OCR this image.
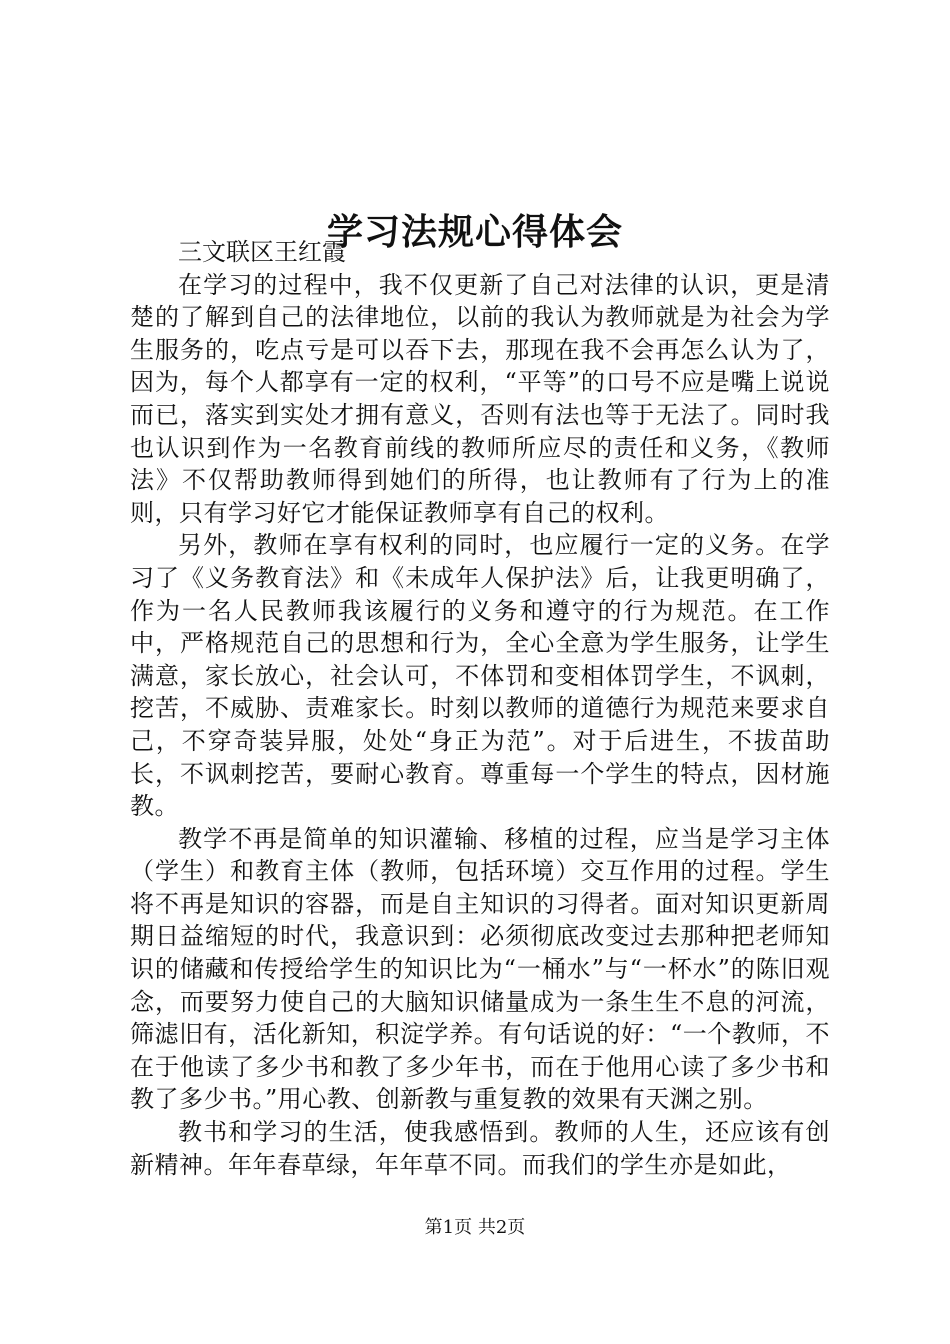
学习法规心得体会

三文联区王红霞

在学习的过程中，我不仅更新了自己对法律的认识，更是清楚的了解到自己的法律地位，以前的我认为教师就是为社会为学生服务的，吃点亏是可以吞下去，那现在我不会再怎么认为了，因为，每个人都享有一定的权利，“平等”的口号不应是嘴上说说而已，落实到实处才拥有意义，否则有法也等于无法了。同时我也认识到作为一名教育前线的教师所应尽的责任和义务，《教师法》不仅帮助教师得到她们的所得，也让教师有了行为上的准则，只有学习好它才能保证教师享有自己的权利。

另外，教师在享有权利的同时，也应履行一定的义务。在学习了《义务教育法》和《未成年人保护法》后，让我更明确了，作为一名人民教师我该履行的义务和遵守的行为规范。在工作中，严格规范自己的思想和行为，全心全意为学生服务，让学生满意，家长放心，社会认可，不体罚和变相体罚学生，不讽刺，挖苦，不威胁、责难家长。时刻以教师的道德行为规范来要求自己，不穿奇装异服，处处“身正为范”。对于后进生，不拔苗助长，不讽刺挖苦，要耐心教育。尊重每一个学生的特点，因材施教。

教学不再是简单的知识灌输、移植的过程，应当是学习主体（学生）和教育主体（教师，包括环境）交互作用的过程。学生将不再是知识的容器，而是自主知识的习得者。面对知识更新周期日益缩短的时代，我意识到：必须彻底改变过去那种把老师知识的储藏和传授给学生的知识比为“一桶水”与“一杯水”的陈旧观念，而要努力使自己的大脑知识储量成为一条生生不息的河流，筛滤旧有，活化新知，积淀学养。有句话说的好：“一个教师，不在于他读了多少书和教了多少年书，而在于他用心读了多少书和教了多少书。”用心教、创新教与重复教的效果有天渊之别。

教书和学习的生活，使我感悟到。教师的人生，还应该有创新精神。年年春草绿，年年草不同。而我们的学生亦是如此，

第1页 共2页
